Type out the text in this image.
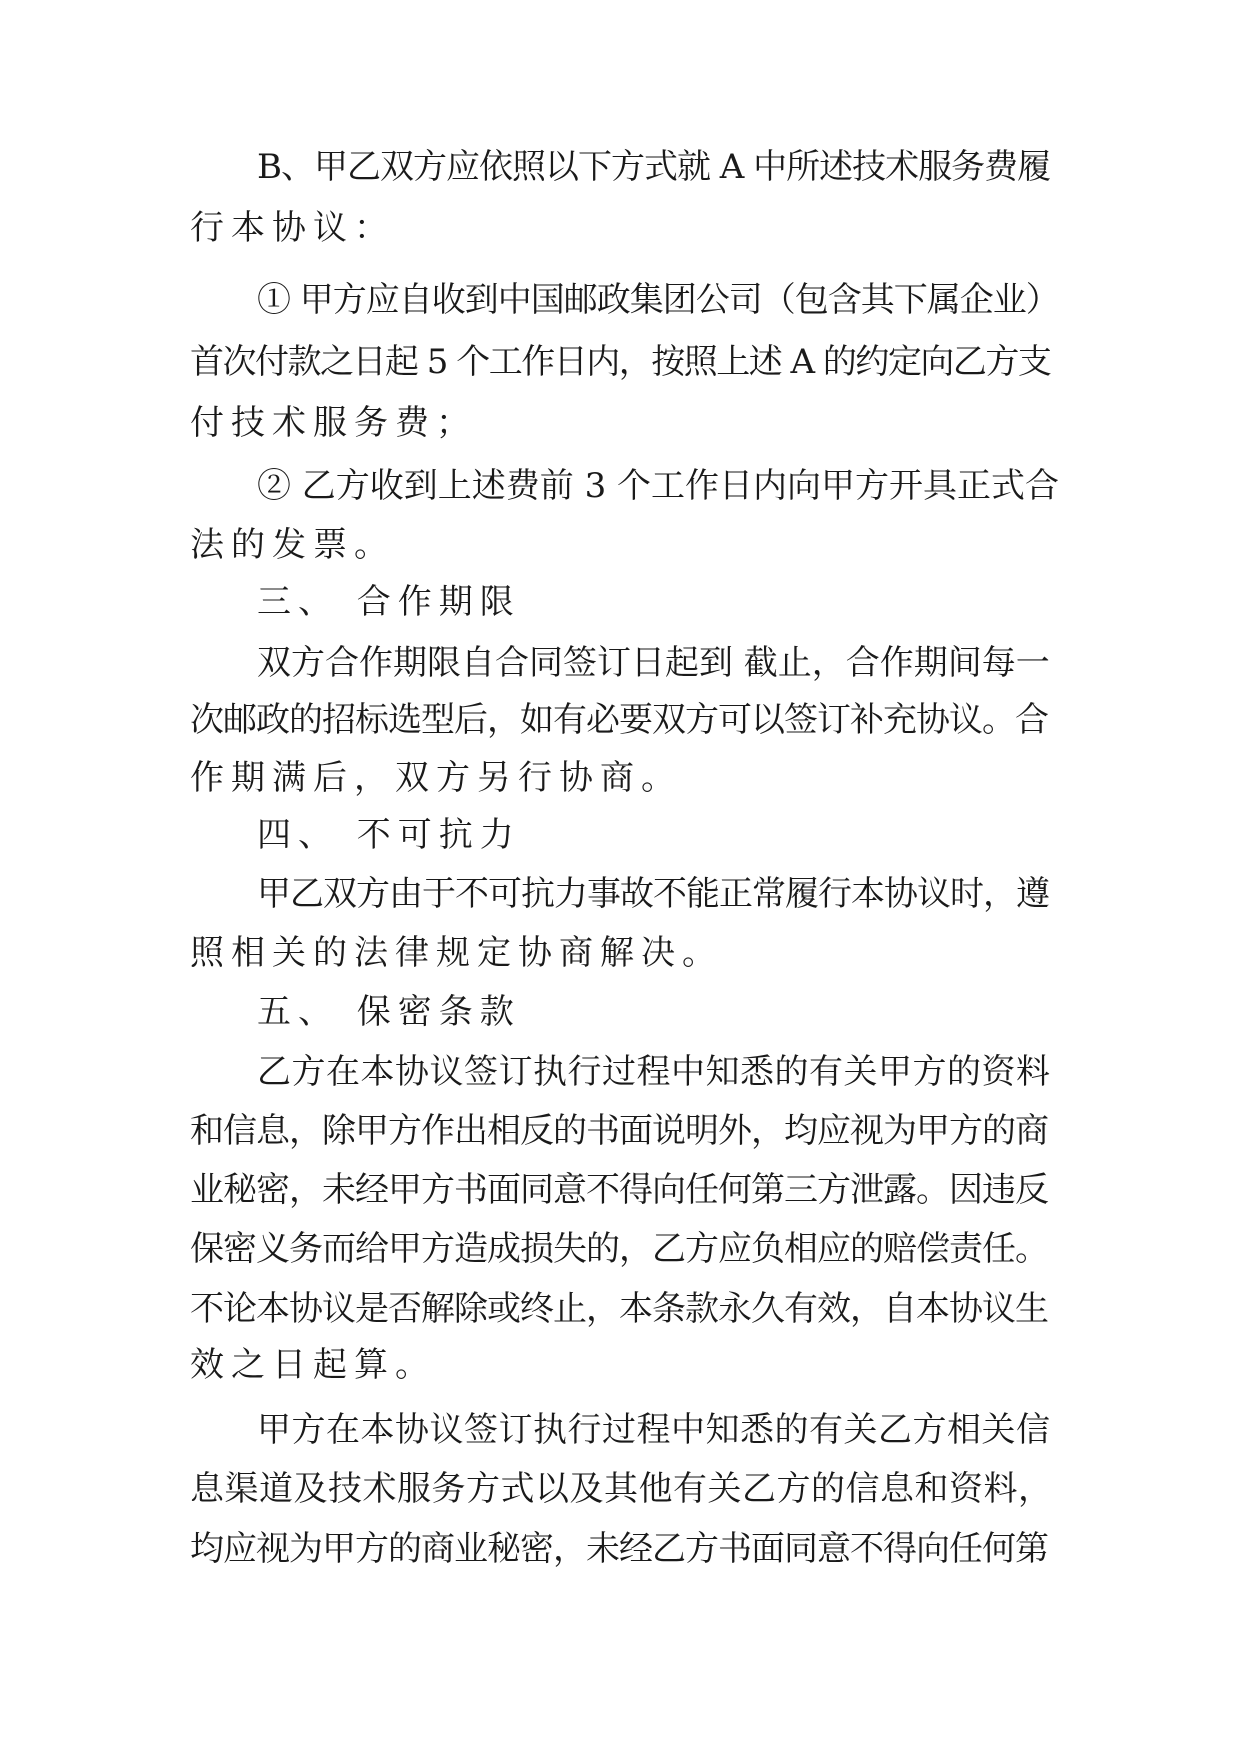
B、甲乙双方应依照以下方式就 A 中所述技术服务费履

行本协议：

① 甲方应自收到中国邮政集团公司（包含其下属企业）

首次付款之日起 5 个工作日内，按照上述 A 的约定向乙方支

付技术服务费；

② 乙方收到上述费前 3 个工作日内向甲方开具正式合

法的发票。

三、 合作期限

双方合作期限自合同签订日起到 截止，合作期间每一

次邮政的招标选型后，如有必要双方可以签订补充协议。合

作期满后，双方另行协商。

四、 不可抗力

甲乙双方由于不可抗力事故不能正常履行本协议时，遵

照相关的法律规定协商解决。

五、 保密条款

乙方在本协议签订执行过程中知悉的有关甲方的资料

和信息，除甲方作出相反的书面说明外，均应视为甲方的商

业秘密，未经甲方书面同意不得向任何第三方泄露。因违反

保密义务而给甲方造成损失的，乙方应负相应的赔偿责任。

不论本协议是否解除或终止，本条款永久有效，自本协议生

效之日起算。

甲方在本协议签订执行过程中知悉的有关乙方相关信

息渠道及技术服务方式以及其他有关乙方的信息和资料，

均应视为甲方的商业秘密，未经乙方书面同意不得向任何第
